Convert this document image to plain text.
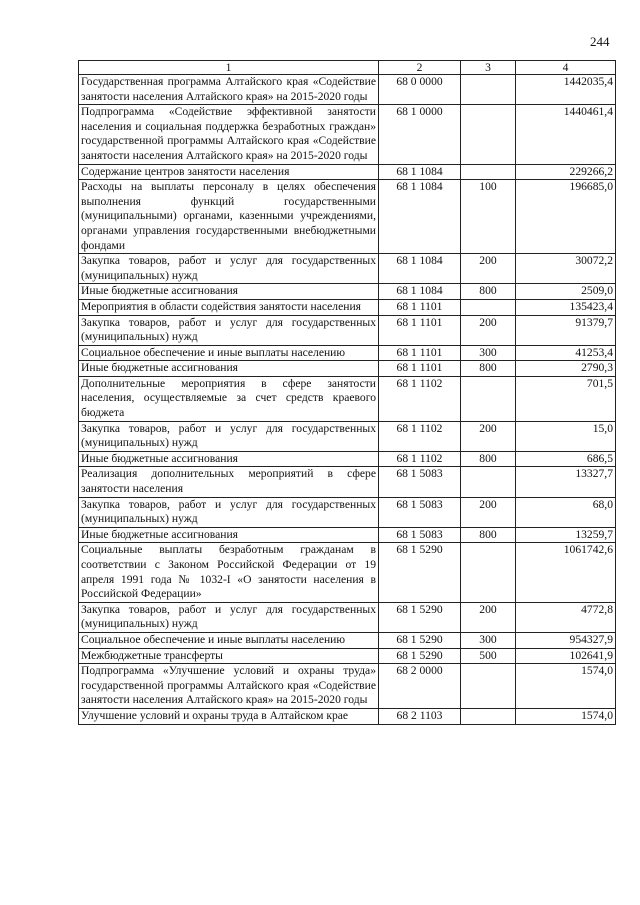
244
1	2	3	4
Государственная программа Алтайского края «Содействие занятости населения Алтайского края» на 2015-2020 годы	68 0 0000		1442035,4
Подпрограмма «Содействие эффективной занятости населения и социальная поддержка безработных граждан» государственной программы Алтайского края «Содействие занятости населения Алтайского края» на 2015-2020 годы	68 1 0000		1440461,4
Содержание центров занятости населения	68 1 1084		229266,2
Расходы на выплаты персоналу в целях обеспечения выполнения функций государственными (муниципальными) органами, казенными учреждениями, органами управления государственными внебюджетными фондами	68 1 1084	100	196685,0
Закупка товаров, работ и услуг для государственных (муниципальных) нужд	68 1 1084	200	30072,2
Иные бюджетные ассигнования	68 1 1084	800	2509,0
Мероприятия в области содействия занятости населения	68 1 1101		135423,4
Закупка товаров, работ и услуг для государственных (муниципальных) нужд	68 1 1101	200	91379,7
Социальное обеспечение и иные выплаты населению	68 1 1101	300	41253,4
Иные бюджетные ассигнования	68 1 1101	800	2790,3
Дополнительные мероприятия в сфере занятости населения, осуществляемые за счет средств краевого бюджета	68 1 1102		701,5
Закупка товаров, работ и услуг для государственных (муниципальных) нужд	68 1 1102	200	15,0
Иные бюджетные ассигнования	68 1 1102	800	686,5
Реализация дополнительных мероприятий в сфере занятости населения	68 1 5083		13327,7
Закупка товаров, работ и услуг для государственных (муниципальных) нужд	68 1 5083	200	68,0
Иные бюджетные ассигнования	68 1 5083	800	13259,7
Социальные выплаты безработным гражданам в соответствии с Законом Российской Федерации от 19 апреля 1991 года № 1032-I «О занятости населения в Российской Федерации»	68 1 5290		1061742,6
Закупка товаров, работ и услуг для государственных (муниципальных) нужд	68 1 5290	200	4772,8
Социальное обеспечение и иные выплаты населению	68 1 5290	300	954327,9
Межбюджетные трансферты	68 1 5290	500	102641,9
Подпрограмма «Улучшение условий и охраны труда» государственной программы Алтайского края «Содействие занятости населения Алтайского края» на 2015-2020 годы	68 2 0000		1574,0
Улучшение условий и охраны труда в Алтайском крае	68 2 1103		1574,0
